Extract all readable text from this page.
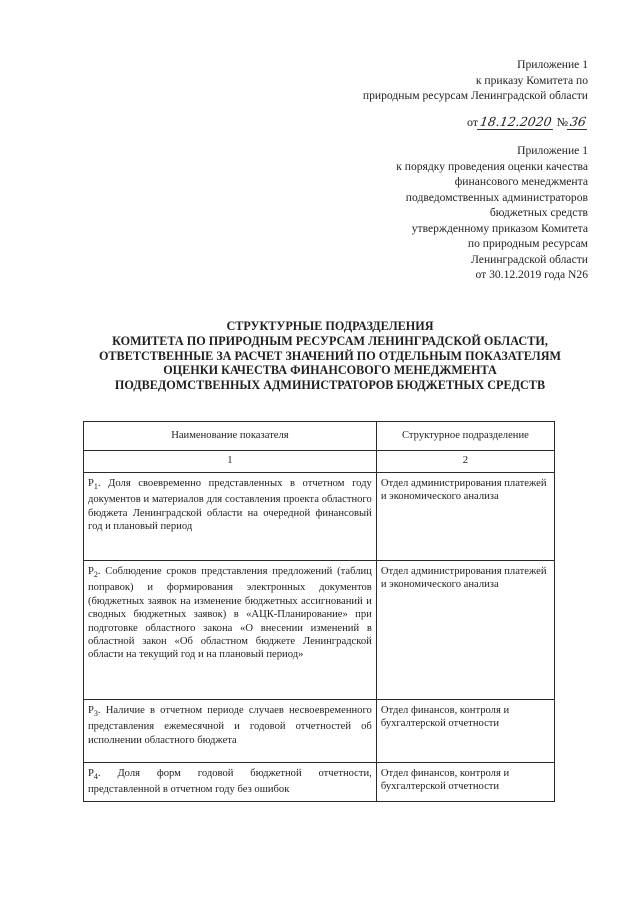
Приложение 1
к приказу Комитета по
природным ресурсам Ленинградской области
от18.12.2020 №36
Приложение 1
к порядку проведения оценки качества
финансового менеджмента
подведомственных администраторов
бюджетных средств
утвержденному приказом Комитета
по природным ресурсам
Ленинградской области
от 30.12.2019 года N26
СТРУКТУРНЫЕ ПОДРАЗДЕЛЕНИЯ
КОМИТЕТА ПО ПРИРОДНЫМ РЕСУРСАМ ЛЕНИНГРАДСКОЙ ОБЛАСТИ,
ОТВЕТСТВЕННЫЕ ЗА РАСЧЕТ ЗНАЧЕНИЙ ПО ОТДЕЛЬНЫМ ПОКАЗАТЕЛЯМ
ОЦЕНКИ КАЧЕСТВА ФИНАНСОВОГО МЕНЕДЖМЕНТА
ПОДВЕДОМСТВЕННЫХ АДМИНИСТРАТОРОВ БЮДЖЕТНЫХ СРЕДСТВ
Наименование показателя	Структурное подразделение
1	2
$P_1$. Доля своевременно представленных в отчетном году документов и материалов для составления проекта областного бюджета Ленинградской области на очередной финансовый год и плановый период	Отдел администрирования платежей и экономического анализа
$P_2$. Соблюдение сроков представления предложений (таблиц поправок) и формирования электронных документов (бюджетных заявок на изменение бюджетных ассигнований и сводных бюджетных заявок) в «АЦК-Планирование» при подготовке областного закона «О внесении изменений в областной закон «Об областном бюджете Ленинградской области на текущий год и на плановый период»	Отдел администрирования платежей и экономического анализа
$P_3$. Наличие в отчетном периоде случаев несвоевременного представления ежемесячной и годовой отчетностей об исполнении областного бюджета	Отдел финансов, контроля и бухгалтерской отчетности
$P_4$. Доля форм годовой бюджетной отчетности, представленной в отчетном году без ошибок	Отдел финансов, контроля и бухгалтерской отчетности
